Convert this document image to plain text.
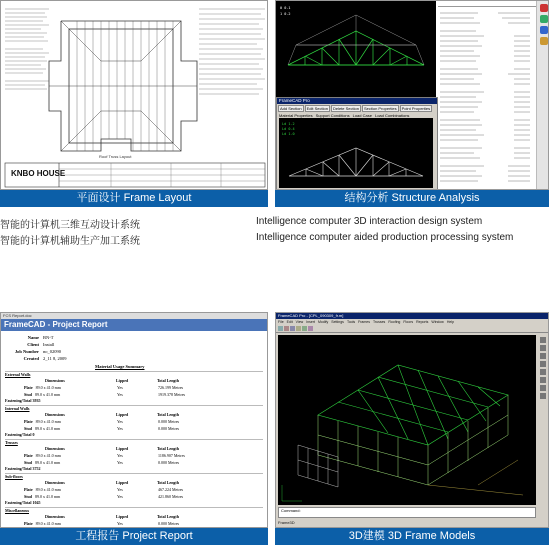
Roof Truss Layout
KNBO HOUSE
平面设计 Frame Layout
0 0.1
1 0.2
FrameCAD Pro
Add Section	Edit Section	Delete Section	Section Properties	Point Properties
Material Properties Support Conditions Load Case Load Combinations
Ld 1.2
Ld 0.4
Ld 1.0
结构分析 Structure Analysis
智能的计算机三维互动设计系统
智能的计算机辅助生产加工系统
Intelligence computer 3D interaction design system
Intelligence computer aided production processing system
FCS Report.doc
FrameCAD - Project Report
Name	BN-T
Client	Install
Job Number	no_02090
Created	2_11 8, 2009
Material Usage Summary
External Walls
Dimensions	Lipped	Total Length
Plate 89.0 x 41.0 mm	Yes	726.199 Metres
Stud 89.0 x 41.0 mm	Yes	1919.378 Metres
Fastening/Total 3935
Internal Walls
Dimensions	Lipped	Total Length
Plate 89.0 x 41.0 mm	Yes	0.000 Metres
Stud 89.0 x 41.0 mm	Yes	0.000 Metres
Fastening/Total 0
Trusses
Dimensions	Lipped	Total Length
Plate 89.0 x 41.0 mm	Yes	1186.907 Metres
Stud 89.0 x 41.0 mm	Yes	0.000 Metres
Fastening/Total 3752
Sub-floors
Dimensions	Lipped	Total Length
Plate 89.0 x 41.0 mm	Yes	467.224 Metres
Stud 89.0 x 41.0 mm	Yes	421.860 Metres
Fastening/Total 1045
Miscellaneous
Dimensions	Lipped	Total Length
Plate 89.0 x 41.0 mm	Yes	0.000 Metres

工程报告 Project Report
FrameCAD Pro - [CPL_090309_fr.m]
File Edit View Insert Modify Settings Tools Frames Trusses Roofing Floors Reports Window Help
Command:
Frame3D
3D建模 3D Frame Models
